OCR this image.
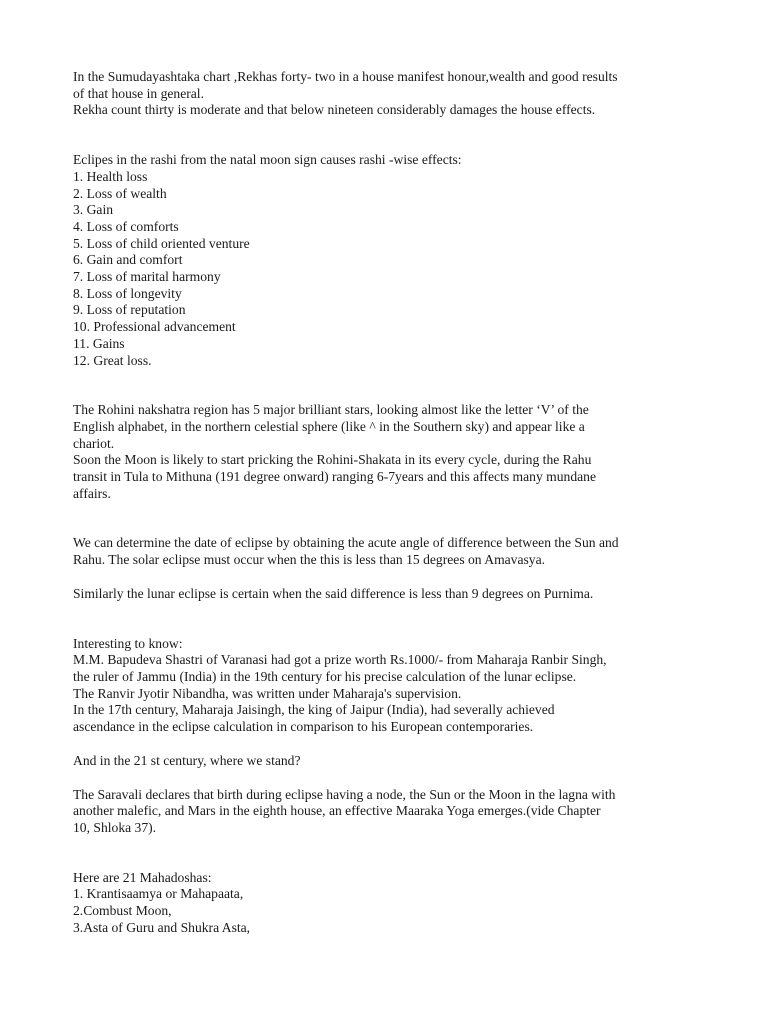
In the Sumudayashtaka chart ,Rekhas forty- two in a house manifest honour,wealth and good results
of that house in general.
Rekha count thirty is moderate and that below nineteen considerably damages the house effects.
Eclipes in the rashi from the natal moon sign causes rashi -wise effects:
1. Health loss
2. Loss of wealth
3. Gain
4. Loss of comforts
5. Loss of child oriented venture
6. Gain and comfort
7. Loss of marital harmony
8. Loss of longevity
9. Loss of reputation
10. Professional advancement
11. Gains
12. Great loss.
The Rohini nakshatra region has 5 major brilliant stars, looking almost like the letter ‘V’ of the
English alphabet, in the northern celestial sphere (like ^ in the Southern sky) and appear like a
chariot.
Soon the Moon is likely to start pricking the Rohini-Shakata in its every cycle, during the Rahu
transit in Tula to Mithuna (191 degree onward) ranging 6-7years and this affects many mundane
affairs.
We can determine the date of eclipse by obtaining the acute angle of difference between the Sun and
Rahu. The solar eclipse must occur when the this is less than 15 degrees on Amavasya.
Similarly the lunar eclipse is certain when the said difference is less than 9 degrees on Purnima.
Interesting to know:
M.M. Bapudeva Shastri of Varanasi had got a prize worth Rs.1000/- from Maharaja Ranbir Singh,
the ruler of Jammu (India) in the 19th century for his precise calculation of the lunar eclipse.
The Ranvir Jyotir Nibandha, was written under Maharaja's supervision.
In the 17th century, Maharaja Jaisingh, the king of Jaipur (India), had severally achieved
ascendance in the eclipse calculation in comparison to his European contemporaries.
And in the 21 st century, where we stand?
The Saravali declares that birth during eclipse having a node, the Sun or the Moon in the lagna with
another malefic, and Mars in the eighth house, an effective Maaraka Yoga emerges.(vide Chapter
10, Shloka 37).
Here are 21 Mahadoshas:
1. Krantisaamya or Mahapaata,
2.Combust Moon,
3.Asta of Guru and Shukra Asta,
